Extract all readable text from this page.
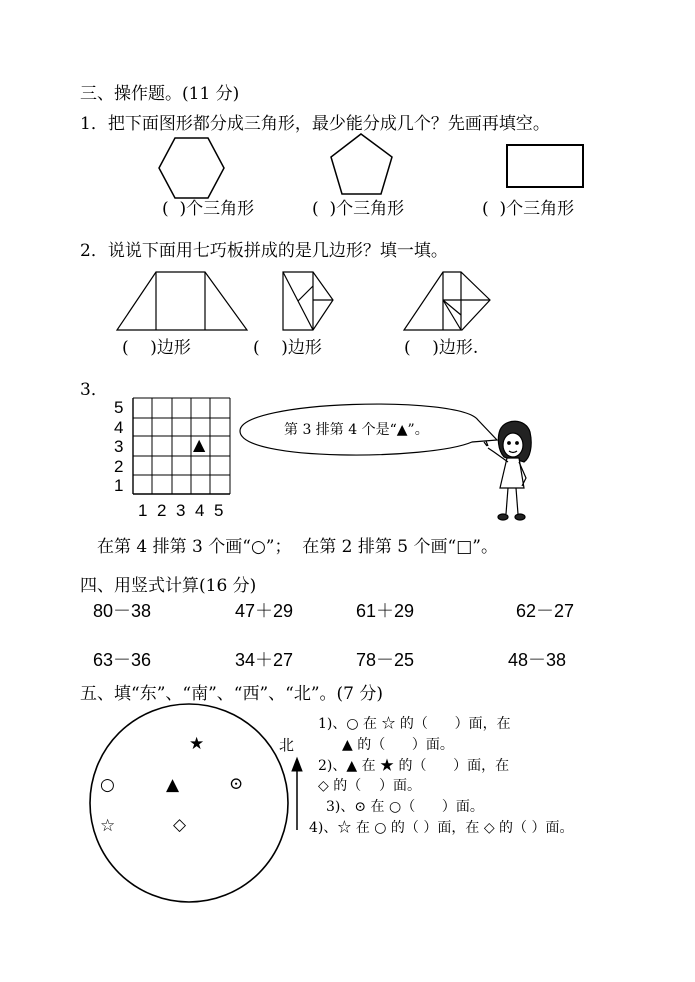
三、操作题。(11 分)
1．把下面图形都分成三角形，最少能分成几个？先画再填空。
(  )个三角形	(  )个三角形	(  )个三角形
2．说说下面用七巧板拼成的是几边形？填一填。
(    )边形	(    )边形	(    )边形.
3．
5
4
3
2
1
1 2 3 4 5
▲
第 3 排第 4 个是“▲”。
在第 4 排第 3 个画“○”；  在第 2 排第 5 个画“□”。
四、用竖式计算(16 分)
80－38	47＋29	61＋29	62－27
63－36	34＋27	78－25	48－38
五、填“东”、“南”、“西”、“北”。(7 分)
★
▲
○	⊙
☆	◇
北
1)、○ 在 ☆ 的（      ）面，在
▲ 的（      ）面。
2)、▲ 在 ★ 的（      ）面，在
◇ 的（    ）面。
3)、⊙ 在 ○（      ）面。
4)、☆ 在 ○ 的（ ）面，在 ◇ 的（ ）面。
